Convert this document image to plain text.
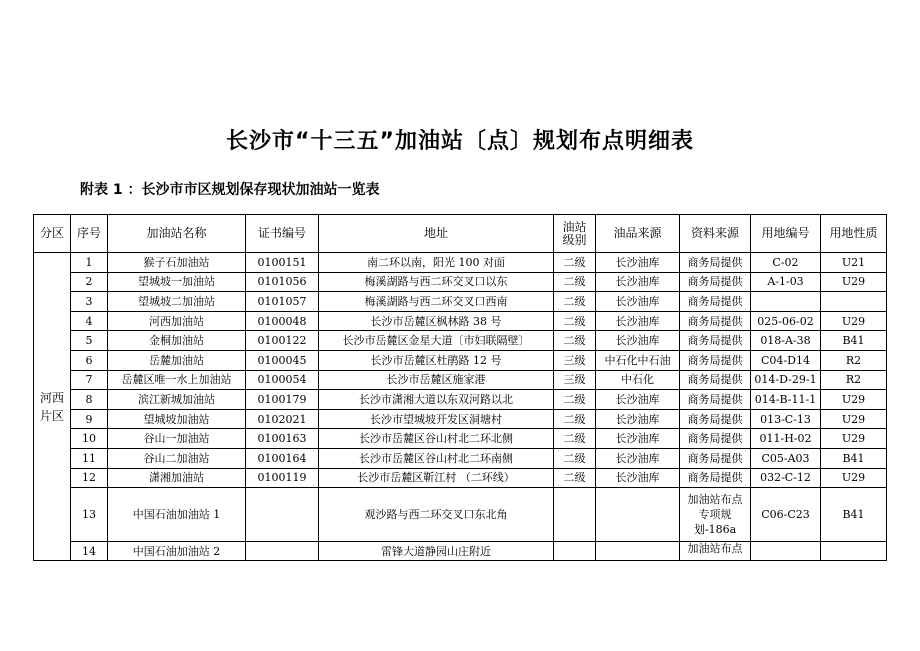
长沙市“十三五”加油站〔点〕规划布点明细表
附表 1 ：长沙市市区规划保存现状加油站一览表
分区	序号	加油站名称	证书编号	地址	油站级别	油品来源	资料来源	用地编号	用地性质
河西片区	1	猴子石加油站	0100151	南二环以南，阳光 100 对面	二级	长沙油库	商务局提供	C-02	U21
	2	望城坡一加油站	0101056	梅溪湖路与西二环交叉口以东	二级	长沙油库	商务局提供	A-1-03	U29
	3	望城坡二加油站	0101057	梅溪湖路与西二环交叉口西南	二级	长沙油库	商务局提供		
	4	河西加油站	0100048	长沙市岳麓区枫林路 38 号	二级	长沙油库	商务局提供	025-06-02	U29
	5	金桐加油站	0100122	长沙市岳麓区金星大道〔市妇联隔壁〕	二级	长沙油库	商务局提供	018-A-38	B41
	6	岳麓加油站	0100045	长沙市岳麓区杜鹃路 12 号	三级	中石化中石油	商务局提供	C04-D14	R2
	7	岳麓区唯一水上加油站	0100054	长沙市岳麓区施家港	三级	中石化	商务局提供	014-D-29-1	R2
	8	滨江新城加油站	0100179	长沙市潇湘大道以东双河路以北	二级	长沙油库	商务局提供	014-B-11-1	U29
	9	望城坡加油站	0102021	长沙市望城坡开发区洞塘村	二级	长沙油库	商务局提供	013-C-13	U29
	10	谷山一加油站	0100163	长沙市岳麓区谷山村北二环北侧	二级	长沙油库	商务局提供	011-H-02	U29
	11	谷山二加油站	0100164	长沙市岳麓区谷山村北二环南侧	二级	长沙油库	商务局提供	C05-A03	B41
	12	潇湘加油站	0100119	长沙市岳麓区靳江村 （二环线）	二级	长沙油库	商务局提供	032-C-12	U29
	13	中国石油加油站 1		观沙路与西二环交叉口东北角			加油站布点专项规划-186a	C06-C23	B41
	14	中国石油加油站 2		雷锋大道静园山庄附近			加油站布点		
